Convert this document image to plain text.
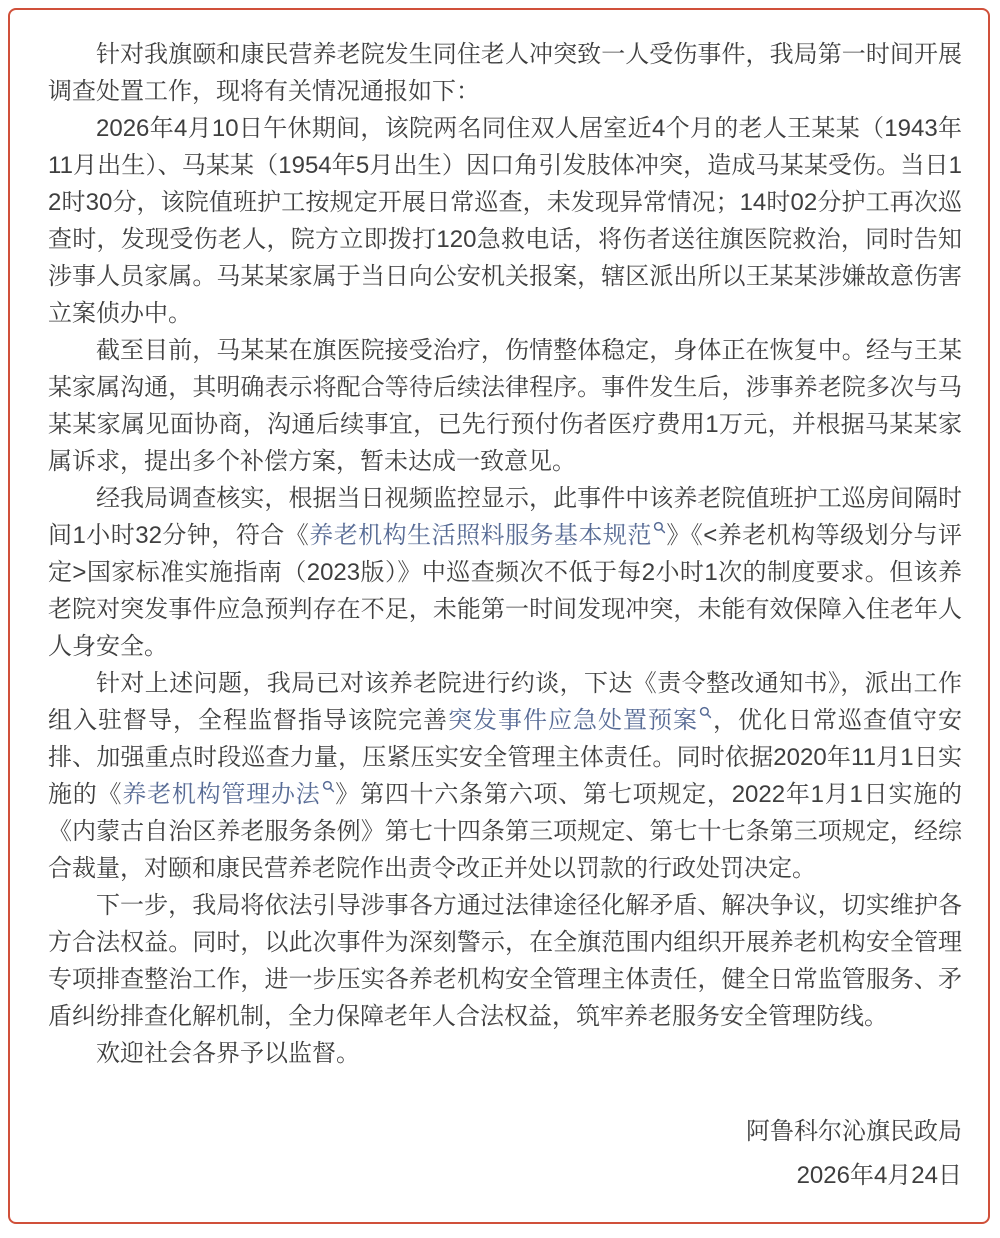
针对我旗颐和康民营养老院发生同住老人冲突致一人受伤事件，我局第一时间开展调查处置工作，现将有关情况通报如下：

2026年4月10日午休期间，该院两名同住双人居室近4个月的老人王某某（1943年11月出生）、马某某（1954年5月出生）因口角引发肢体冲突，造成马某某受伤。当日12时30分，该院值班护工按规定开展日常巡查，未发现异常情况；14时02分护工再次巡查时，发现受伤老人，院方立即拨打120急救电话，将伤者送往旗医院救治，同时告知涉事人员家属。马某某家属于当日向公安机关报案，辖区派出所以王某某涉嫌故意伤害立案侦办中。

截至目前，马某某在旗医院接受治疗，伤情整体稳定，身体正在恢复中。经与王某某家属沟通，其明确表示将配合等待后续法律程序。事件发生后，涉事养老院多次与马某某家属见面协商，沟通后续事宜，已先行预付伤者医疗费用1万元，并根据马某某家属诉求，提出多个补偿方案，暂未达成一致意见。

经我局调查核实，根据当日视频监控显示，此事件中该养老院值班护工巡房间隔时间1小时32分钟，符合《养老机构生活照料服务基本规范 》《<养老机构等级划分与评定>国家标准实施指南（2023版）》中巡查频次不低于每2小时1次的制度要求。但该养老院对突发事件应急预判存在不足，未能第一时间发现冲突，未能有效保障入住老年人人身安全。

针对上述问题，我局已对该养老院进行约谈，下达《责令整改通知书》，派出工作组入驻督导，全程监督指导该院完善突发事件应急处置预案 ，优化日常巡查值守安排、加强重点时段巡查力量，压紧压实安全管理主体责任。同时依据2020年11月1日实施的《养老机构管理办法 》第四十六条第六项、第七项规定，2022年1月1日实施的《内蒙古自治区养老服务条例》第七十四条第三项规定、第七十七条第三项规定，经综合裁量，对颐和康民营养老院作出责令改正并处以罚款的行政处罚决定。

下一步，我局将依法引导涉事各方通过法律途径化解矛盾、解决争议，切实维护各方合法权益。同时，以此次事件为深刻警示，在全旗范围内组织开展养老机构安全管理专项排查整治工作，进一步压实各养老机构安全管理主体责任，健全日常监管服务、矛盾纠纷排查化解机制，全力保障老年人合法权益，筑牢养老服务安全管理防线。

欢迎社会各界予以监督。

阿鲁科尔沁旗民政局

2026年4月24日
